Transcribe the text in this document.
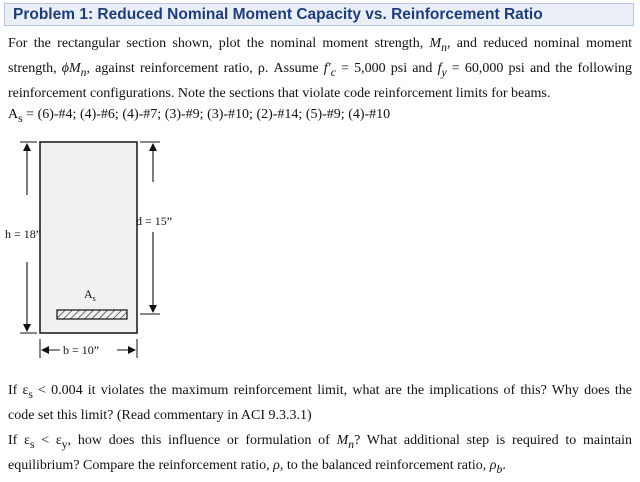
Problem 1: Reduced Nominal Moment Capacity vs. Reinforcement Ratio
For the rectangular section shown, plot the nominal moment strength, $M_n$, and reduced nominal moment strength, $\phi M_n$, against reinforcement ratio, ρ. Assume $f'_c = 5,000$ psi and $f_y = 60,000$ psi and the following reinforcement configurations. Note the sections that violate code reinforcement limits for beams.
$A_s$ = (6)-#4; (4)-#6; (4)-#7; (3)-#9; (3)-#10; (2)-#14; (5)-#9; (4)-#10
$A_s$
h = 18”
d = 15”
b = 10”
If $\varepsilon_s < 0.004$ it violates the maximum reinforcement limit, what are the implications of this? Why does the code set this limit? (Read commentary in ACI 9.3.3.1)
If $\varepsilon_s < \varepsilon_y$, how does this influence or formulation of $M_n$? What additional step is required to maintain equilibrium? Compare the reinforcement ratio, ρ, to the balanced reinforcement ratio, $\rho_b$.
